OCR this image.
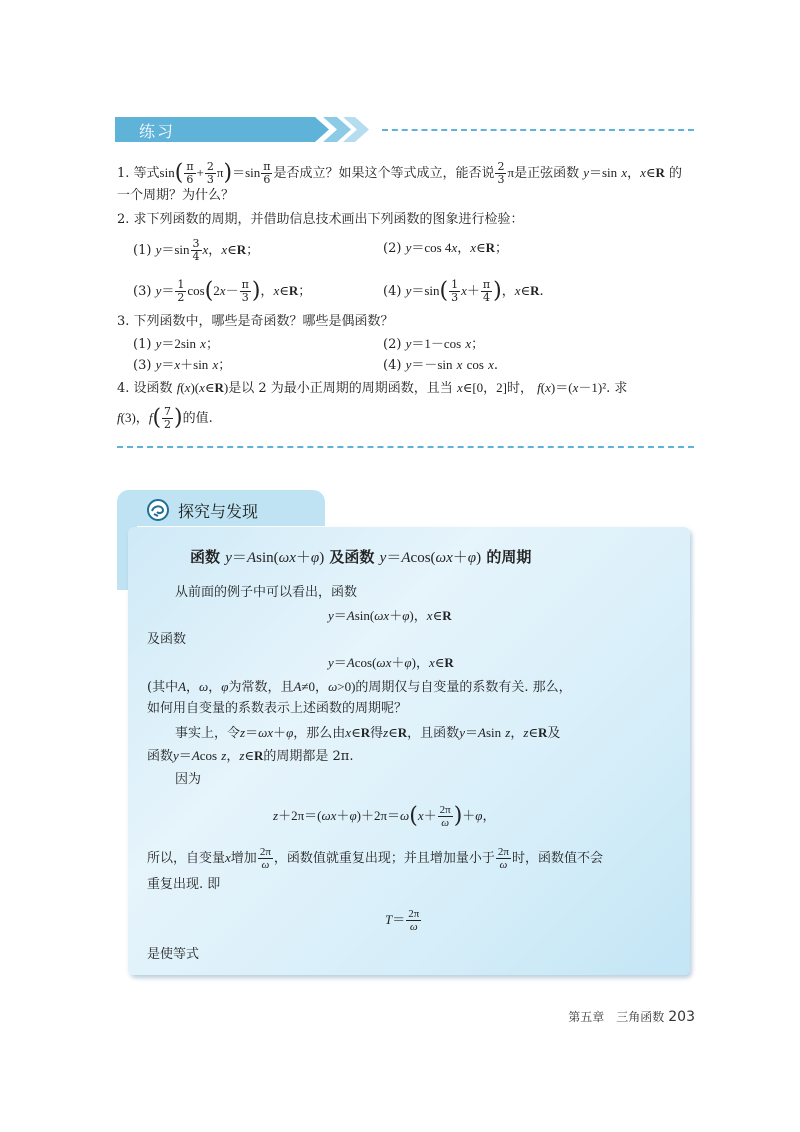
练习
1. 等式$\sin( \frac{\pi}{6} + \frac{2}{3} \pi)=\sin \frac{\pi}{6}$ 是否成立？如果这个等式成立，能否说 $\frac{2}{3}$ π是正弦函数 y＝sin x，x∈R 的
一个周期？为什么？
2. 求下列函数的周期，并借助信息技术画出下列函数的图象进行检验：
(1) $y=\sin \frac{3}{4}$ x，x∈R；	(2) y＝cos 4x，x∈R；
(3) $y= \frac{1}{2} \cos(2x- \frac{\pi}{3}$ )，x∈R；	(4) $y=\sin( \frac{1}{3} x+ \frac{\pi}{4}$ )，x∈R.
3. 下列函数中，哪些是奇函数？哪些是偶函数？
(1) y＝2sin x；	(2) y＝1－cos x；
(3) y＝x＋sin x；	(4) y＝－sin x cos x.
4. 设函数 f(x)(x∈R)是以 2 为最小正周期的周期函数，且当 x∈[0，2]时， f(x)＝(x－1)². 求
f(3)，$f( \frac{7}{2}$ )的值.
探究与发现
函数 y＝Asin(ωx＋φ) 及函数 y＝Acos(ωx＋φ) 的周期
从前面的例子中可以看出，函数
y＝Asin(ωx＋φ)，x∈R
及函数
y＝Acos(ωx＋φ)，x∈R
(其中A，ω，φ为常数，且A≠0，ω>0)的周期仅与自变量的系数有关. 那么，
如何用自变量的系数表示上述函数的周期呢？
事实上，令z＝ωx＋φ，那么由x∈R得z∈R，且函数y＝Asin z，z∈R及
函数y＝Acos z，z∈R的周期都是 2π.
因为
$z+2\pi=(\omega x+\varphi)+2\pi=\omega(x+ \frac{2\pi}{\omega} )+\varphi$，
所以，自变量x增加 $\frac{2\pi}{\omega}$ ，函数值就重复出现；并且增加量小于 $\frac{2\pi}{\omega}$ 时，函数值不会
重复出现. 即
$T= \frac{2\pi}{\omega}$
是使等式
第五章　三角函数 203
